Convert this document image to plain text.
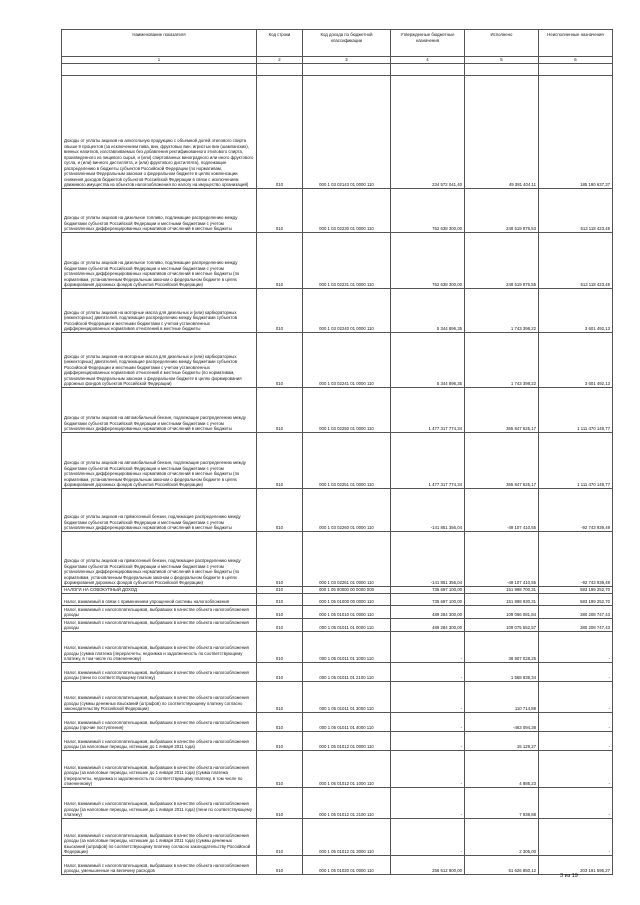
Наименование показателя	Код строки	Код дохода по бюджетной классификации	Утвержденные бюджетные назначения	Исполнено	Неисполненные назначения
1	2	3	4	5	6

Доходы от уплаты акцизов на алкогольную продукцию с объемной долей этилового спирта свыше 9 процентов (за исключением пива, вин, фруктовых вин, игристых вин (шампанских), винных напитков, изготавливаемых без добавления ректификованного этилового спирта, произведенного из пищевого сырья, и (или) спиртованных виноградного или иного фруктового сусла, и (или) винного дистиллята, и (или) фруктового дистиллята), подлежащие распределению в бюджеты субъектов Российской Федерации (по нормативам, установленным Федеральным законом о федеральном бюджете в целях компенсации снижения доходов бюджетов субъектов Российской Федерации в связи с исключением движимого имущества из объектов налогообложения по налогу на имущество организаций)	010	000 1 03 02143 01 0000 110	234 572 041,40	49 381 404,11	185 190 637,37
Доходы от уплаты акцизов на дизельное топливо, подлежащие распределению между бюджетами субъектов Российской Федерации и местными бюджетами с учетом установленных дифференцированных нормативов отчислений в местные бюджеты	010	000 1 03 02230 01 0000 110	762 638 300,00	249 519 876,53	513 118 423,45
Доходы от уплаты акцизов на дизельное топливо, подлежащие распределению между бюджетами субъектов Российской Федерации и местными бюджетами с учетом установленных дифференцированных нормативов отчислений в местные бюджеты (по нормативам, установленным Федеральным законом о федеральном бюджете в целях формирования дорожных фондов субъектов Российской Федерации)	010	000 1 03 02231 01 0000 110	762 638 300,00	249 519 876,55	513 118 423,45
Доходы от уплаты акцизов на моторные масла для дизельных и (или) карбюраторных (инжекторных) двигателей, подлежащие распределению между бюджетами субъектов Российской Федерации и местными бюджетами с учетом установленных дифференцированных нормативов отчислений в местные бюджеты	010	000 1 03 02240 01 0000 110	5 344 896,35	1 743 398,22	3 601 492,13
Доходы от уплаты акцизов на моторные масла для дизельных и (или) карбюраторных (инжекторных) двигателей, подлежащие распределению между бюджетами субъектов Российской Федерации и местными бюджетами с учетом установленных дифференцированных нормативов отчислений в местные бюджеты (по нормативам, установленным Федеральным законом о федеральном бюджете в целях формирования дорожных фондов субъектов Российской Федерации)	010	000 1 03 02241 01 0000 110	5 344 896,35	1 743 398,22	3 601 492,13
Доходы от уплаты акцизов на автомобильный бензин, подлежащие распределению между бюджетами субъектов Российской Федерации и местными бюджетами с учетом установленных дифференцированных нормативов отчислений в местные бюджеты	010	000 1 03 02250 01 0000 110	1 477 317 774,34	365 847 625,17	1 111 470 149,77
Доходы от уплаты акцизов на автомобильный бензин, подлежащие распределению между бюджетами субъектов Российской Федерации и местными бюджетами с учетом установленных дифференцированных нормативов отчислений в местные бюджеты (по нормативам, установленным Федеральным законом о федеральном бюджете в целях формирования дорожных фондов субъектов Российской Федерации)	010	000 1 03 02251 01 0000 110	1 477 317 774,34	365 847 625,17	1 111 470 149,77
Доходы от уплаты акцизов на прямогонный бензин, подлежащие распределению между бюджетами субъектов Российской Федерации и местными бюджетами с учетом установленных дифференцированных нормативов отчислений в местные бюджеты	010	000 1 03 02260 01 0000 110	-141 851 356,04	-49 107 410,55	-92 743 939,49
Доходы от уплаты акцизов на прямогонный бензин, подлежащие распределению между бюджетами субъектов Российской Федерации и местными бюджетами с учетом установленных дифференцированных нормативов отчислений в местные бюджеты (по нормативам, установленным Федеральным законом о федеральном бюджете в целях формирования дорожных фондов субъектов Российской Федерации)	010	000 1 03 02261 01 0000 110	-141 851 356,04	-49 107 410,55	-92 743 939,49
НАЛОГИ НА СОВОКУПНЫЙ ДОХОД	010	000 1 05 00000 00 0000 000	735 697 100,00	151 998 700,31	583 199 252,70
Налог, взимаемый в связи с применением упрощенной системы налогообложения	010	000 1 05 01000 00 0000 110	735 697 100,00	151 998 930,31	583 199 252,70
Налог, взимаемый с налогоплательщиков, выбравших в качестве объекта налогообложения доходы	010	000 1 05 01010 01 0000 110	489 284 300,00	109 066 081,84	380 208 747,43
Налог, взимаемый с налогоплательщиков, выбравших в качестве объекта налогообложения доходы	010	000 1 05 01011 01 0000 110	489 284 300,00	109 075 552,57	380 208 747,43
Налог, взимаемый с налогоплательщиков, выбравших в качестве объекта налогообложения доходы (сумма платежа (перерасчеты, недоимка и задолженность по соответствующему платежу, в том числе по отмененному)	010	000 1 05 01011 01 1000 110	-	38 907 028,25	-
Налог, взимаемый с налогоплательщиков, выбравших в качестве объекта налогообложения доходы (пени по соответствующему платежу)	010	000 1 05 01011 01 2100 110	-	1 568 839,34	-
Налог, взимаемый с налогоплательщиков, выбравших в качестве объекта налогообложения доходы (суммы денежных взысканий (штрафов) по соответствующему платежу согласно законодательству Российской Федерации)	010	000 1 05 01011 01 3000 110	-	110 714,88	-
Налог, взимаемый с налогоплательщиков, выбравших в качестве объекта налогообложения доходы (прочие поступления)	010	000 1 05 01011 01 4000 110	-	-463 094,38	-
Налог, взимаемый с налогоплательщиков, выбравших в качестве объекта налогообложения доходы (за налоговые периоды, истекшие до 1 января 2011 года)	010	000 1 05 01012 01 0000 110	-	15 129,27	-
Налог, взимаемый с налогоплательщиков, выбравших в качестве объекта налогообложения доходы (за налоговые периоды, истекшие до 1 января 2011 года) (сумма платежа (перерасчеты, недоимка и задолженность по соответствующему платежу, в том числе по отмененному)	010	000 1 05 01012 01 1000 110	-	4 885,23	-
Налог, взимаемый с налогоплательщиков, выбравших в качестве объекта налогообложения доходы (за налоговые периоды, истекшие до 1 января 2011 года) (пени по соответствующему платежу)	010	000 1 05 01012 01 2100 110	-	7 938,88	-
Налог, взимаемый с налогоплательщиков, выбравших в качестве объекта налогообложения доходы (за налоговые периоды, истекшие до 1 января 2011 года) (суммы денежных взысканий (штрафов) по соответствующему платежу согласно законодательству Российской Федерации)	010	000 1 05 01012 01 3000 110	-	2 305,00	-
Налог, взимаемый с налогоплательщиков, выбравших в качестве объекта налогообложения доходы, уменьшенные на величину расходов	010	000 1 05 01020 01 0000 110	258 612 800,00	51 626 850,12	203 191 596,27
3 из 19
